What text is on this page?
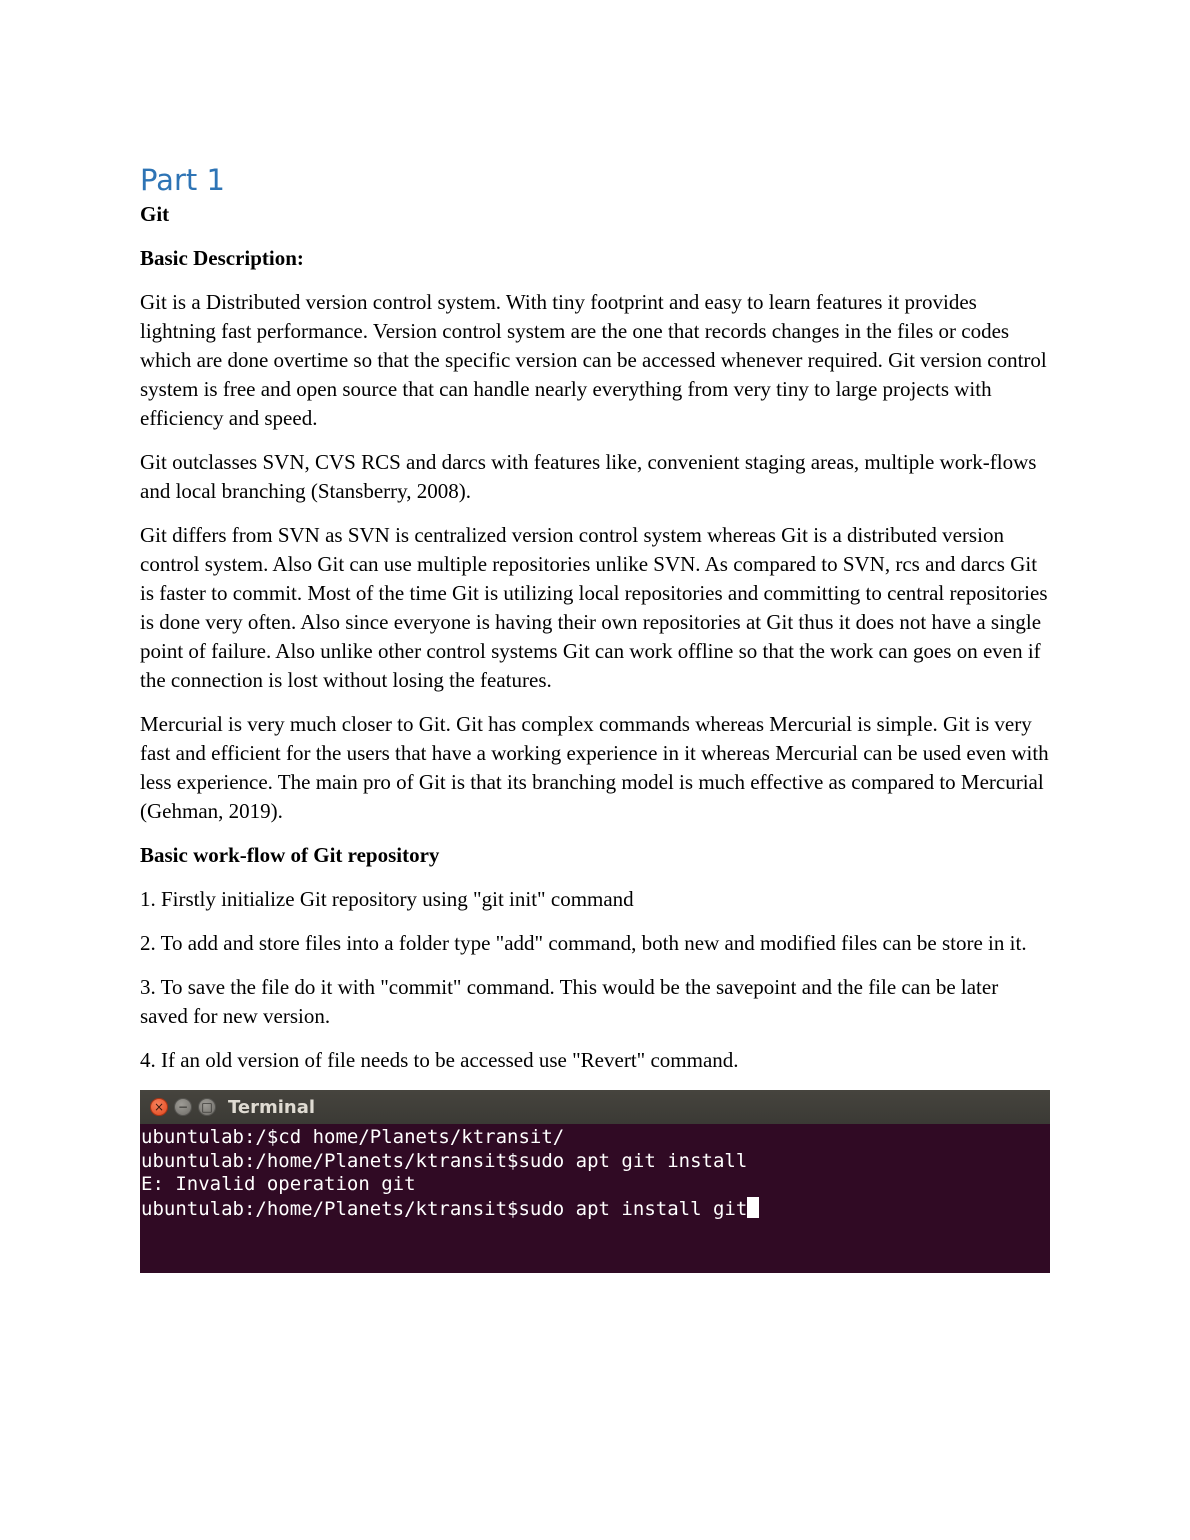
Part 1
Git

Basic Description:

Git is a Distributed version control system. With tiny footprint and easy to learn features it provides lightning fast performance. Version control system are the one that records changes in the files or codes which are done overtime so that the specific version can be accessed whenever required. Git version control system is free and open source that can handle nearly everything from very tiny to large projects with efficiency and speed.

Git outclasses SVN, CVS RCS and darcs with features like, convenient staging areas, multiple work-flows and local branching (Stansberry, 2008).

Git differs from SVN as SVN is centralized version control system whereas Git is a distributed version control system. Also Git can use multiple repositories unlike SVN. As compared to SVN, rcs and darcs Git is faster to commit. Most of the time Git is utilizing local repositories and committing to central repositories is done very often. Also since everyone is having their own repositories at Git thus it does not have a single point of failure. Also unlike other control systems Git can work offline so that the work can goes on even if the connection is lost without losing the features.

Mercurial is very much closer to Git. Git has complex commands whereas Mercurial is simple. Git is very fast and efficient for the users that have a working experience in it whereas Mercurial can be used even with less experience. The main pro of Git is that its branching model is much effective as compared to Mercurial (Gehman, 2019).

Basic work-flow of Git repository

1. Firstly initialize Git repository using "git init" command

2. To add and store files into a folder type "add" command, both new and modified files can be store in it.

3. To save the file do it with "commit" command. This would be the savepoint and the file can be later saved for new version.

4. If an old version of file needs to be accessed use "Revert" command.

×	−	□ Terminal
ubuntulab:/$cd home/Planets/ktransit/
ubuntulab:/home/Planets/ktransit$sudo apt git install
E: Invalid operation git
ubuntulab:/home/Planets/ktransit$sudo apt install git
